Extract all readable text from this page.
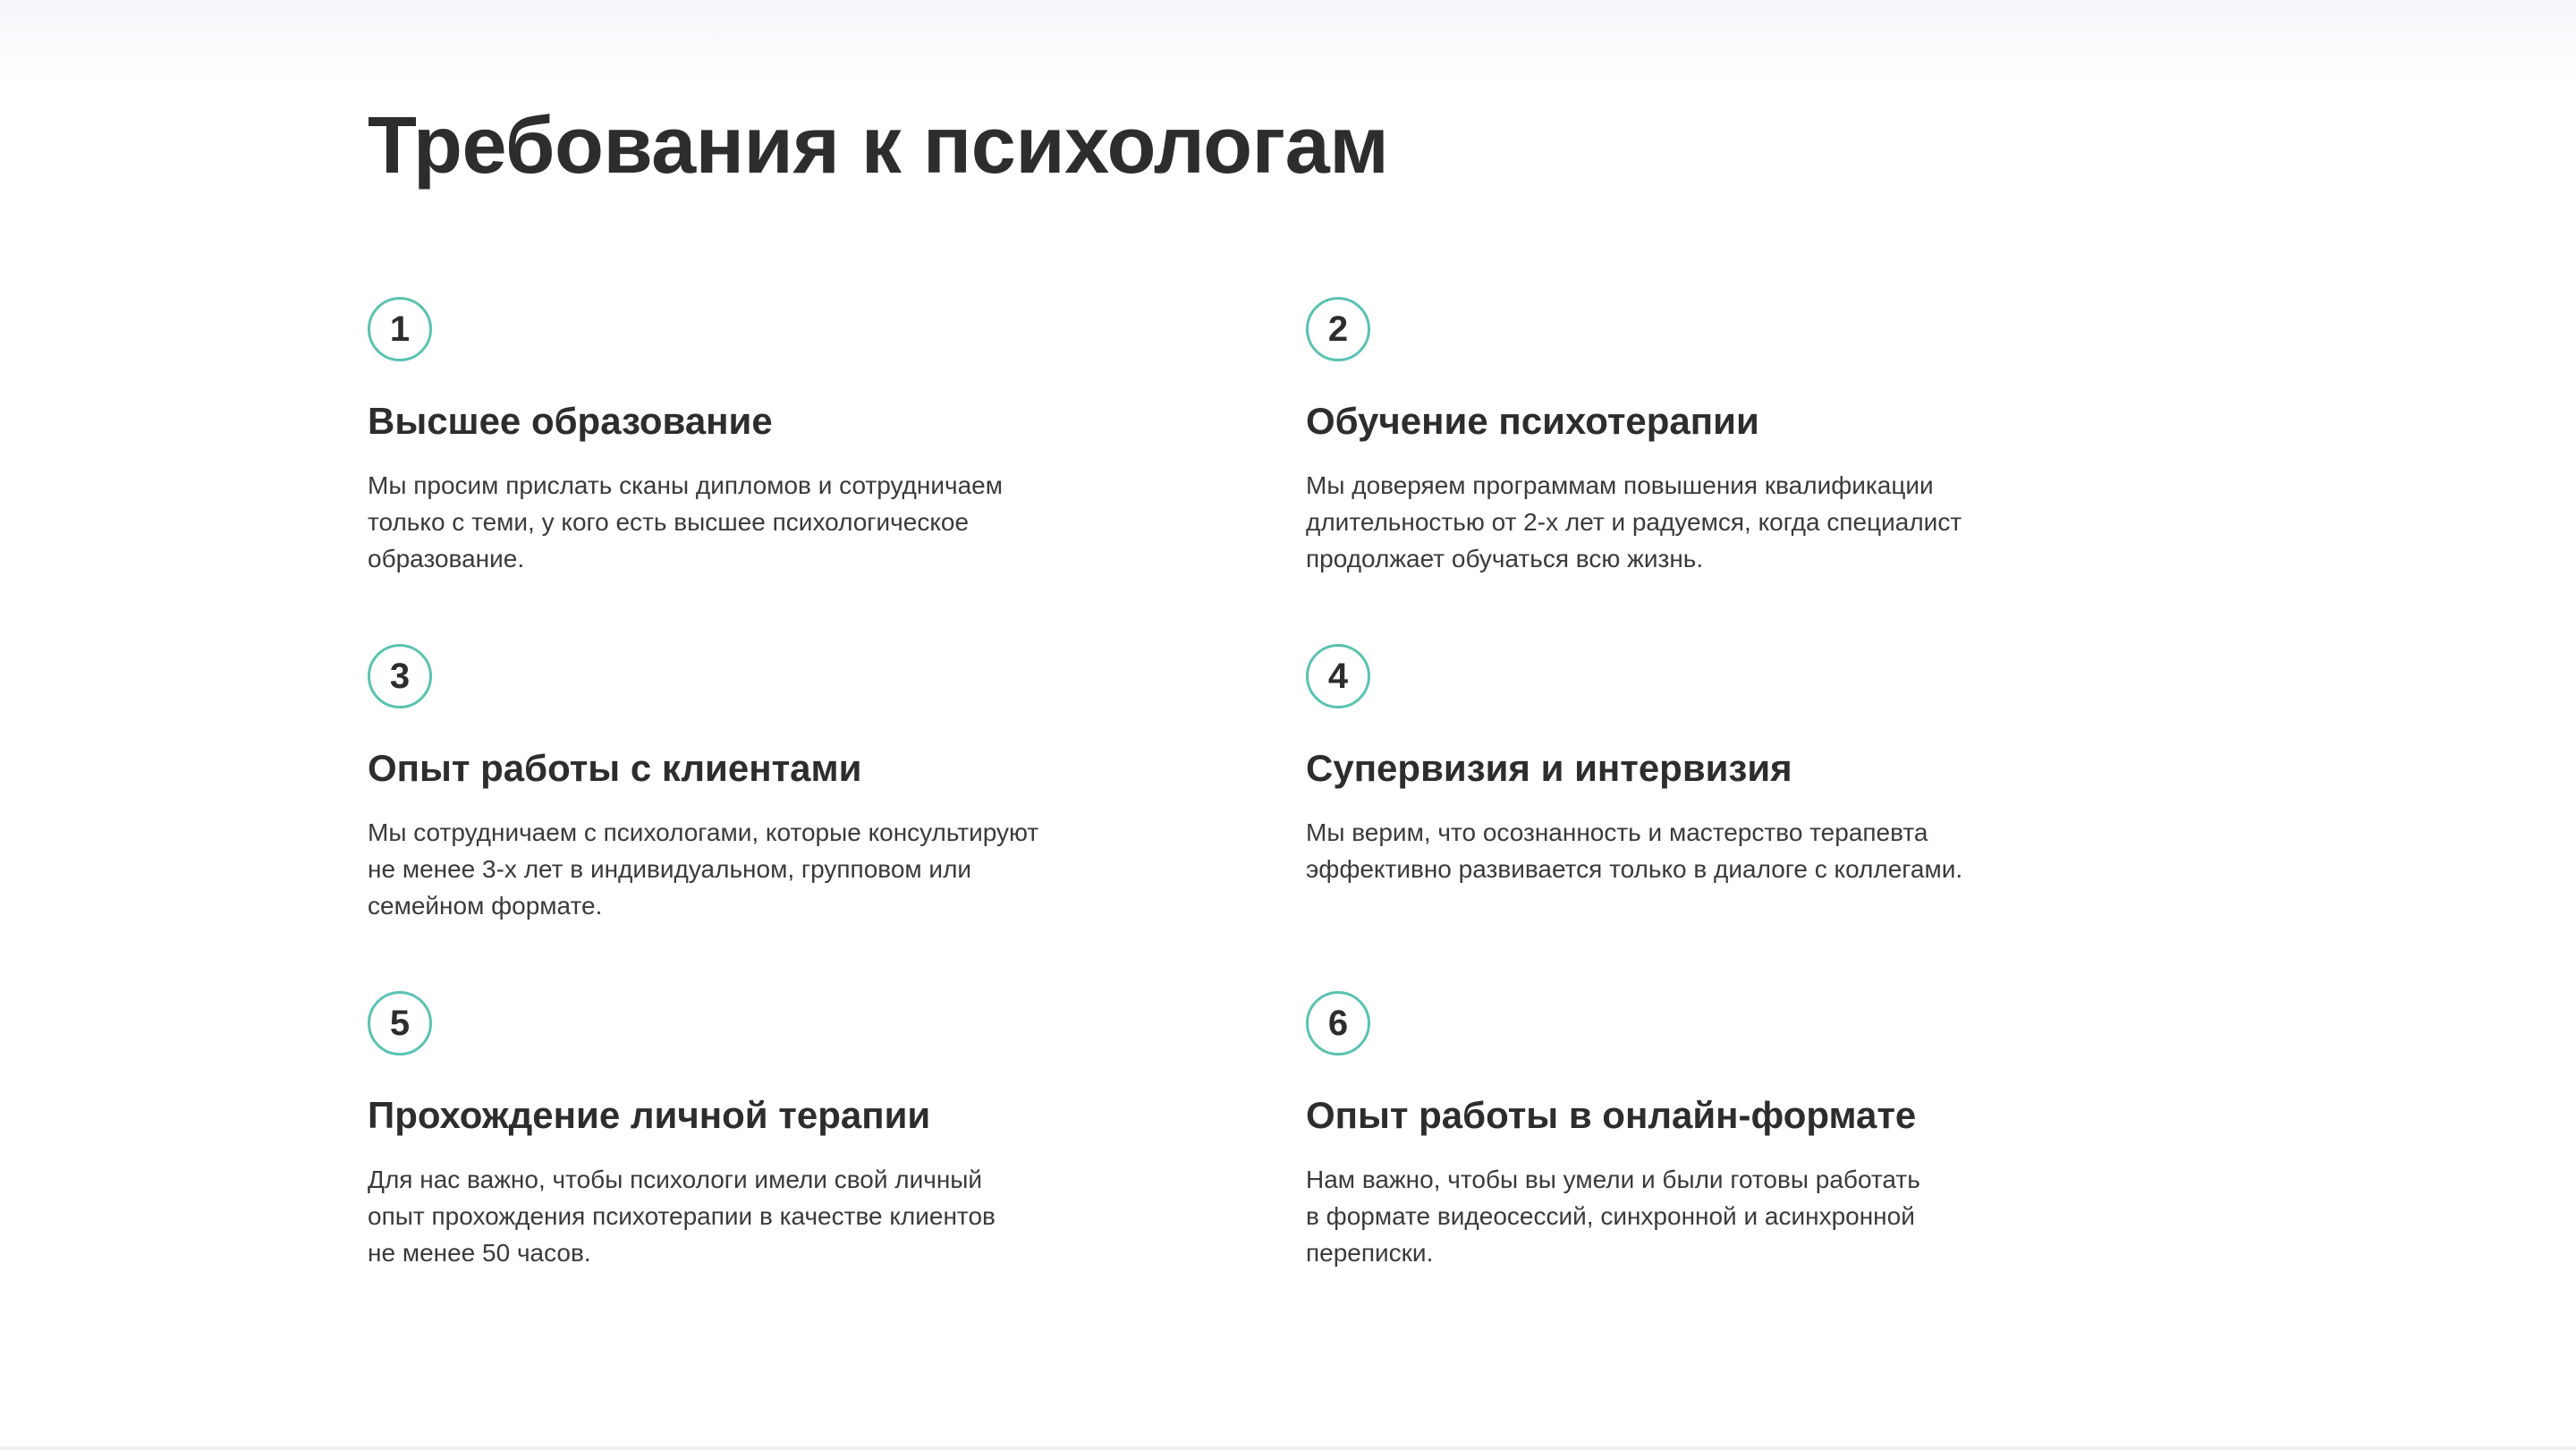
Требования к психологам
1
Высшее образование

Мы просим прислать сканы дипломов и сотрудничаем
только с теми, у кого есть высшее психологическое
образование.

2
Обучение психотерапии

Мы доверяем программам повышения квалификации
длительностью от 2-х лет и радуемся, когда специалист
продолжает обучаться всю жизнь.

3
Опыт работы с клиентами

Мы сотрудничаем с психологами, которые консультируют
не менее 3-х лет в индивидуальном, групповом или
семейном формате.

4
Супервизия и интервизия

Мы верим, что осознанность и мастерство терапевта
эффективно развивается только в диалоге с коллегами.

5
Прохождение личной терапии

Для нас важно, чтобы психологи имели свой личный
опыт прохождения психотерапии в качестве клиентов
не менее 50 часов.

6
Опыт работы в онлайн-формате

Нам важно, чтобы вы умели и были готовы работать
в формате видеосессий, синхронной и асинхронной
переписки.
